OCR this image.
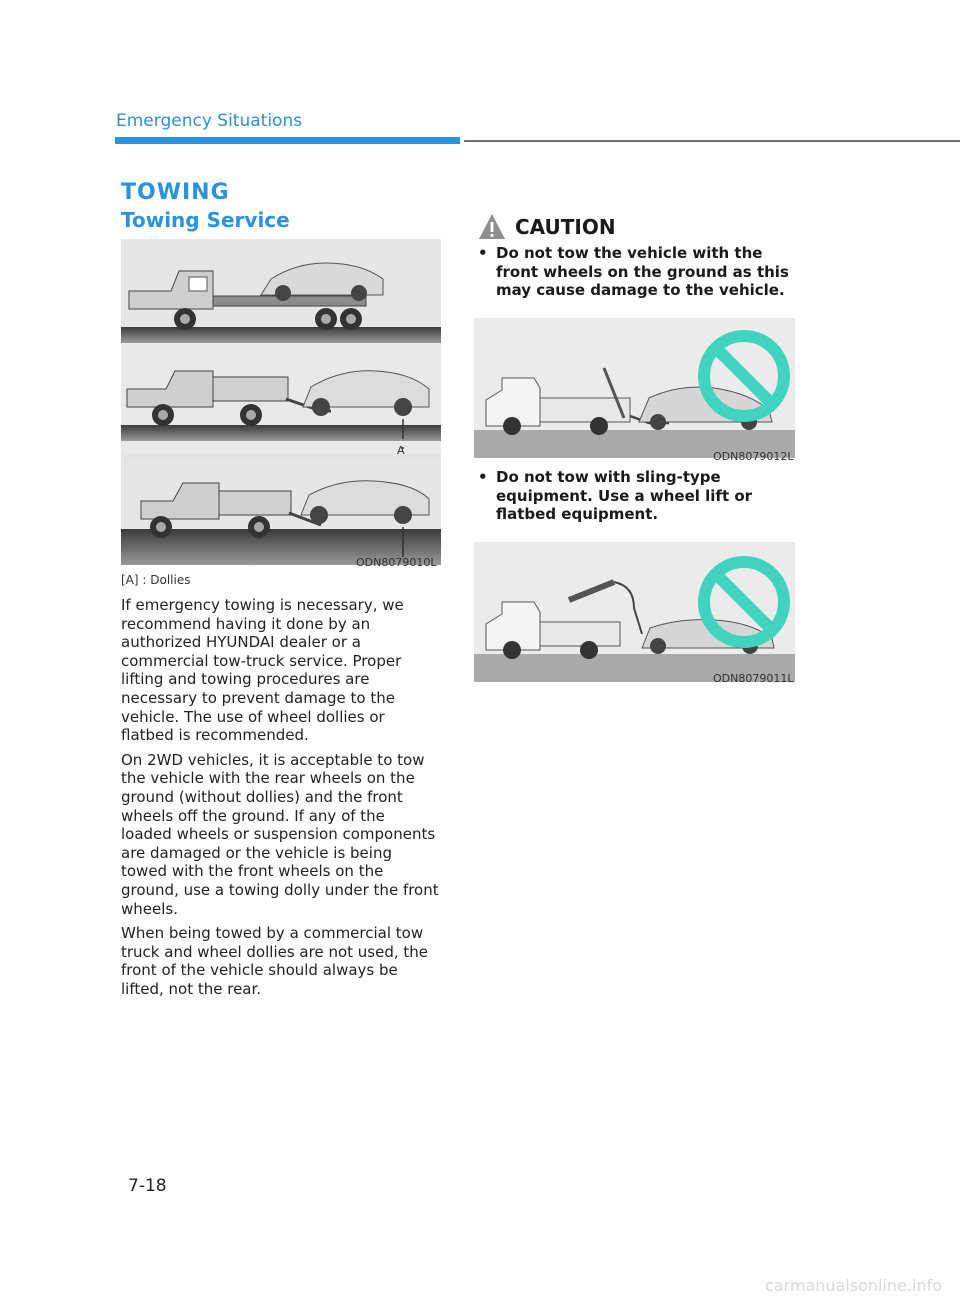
Emergency Situations
TOWING
Towing Service
A
ODN8079010L
[A] : Dollies

If emergency towing is necessary, we recommend having it done by an authorized HYUNDAI dealer or a commercial tow-truck service. Proper lifting and towing procedures are necessary to prevent damage to the vehicle. The use of wheel dollies or flatbed is recommended.

On 2WD vehicles, it is acceptable to tow the vehicle with the rear wheels on the ground (without dollies) and the front wheels off the ground. If any of the loaded wheels or suspension components are damaged or the vehicle is being towed with the front wheels on the ground, use a towing dolly under the front wheels.

When being towed by a commercial tow truck and wheel dollies are not used, the front of the vehicle should always be lifted, not the rear.

CAUTION
• Do not tow the vehicle with the front wheels on the ground as this may cause damage to the vehicle.
ODN8079012L
• Do not tow with sling-type equipment. Use a wheel lift or flatbed equipment.
ODN8079011L
7-18
carmanualsonline.info
